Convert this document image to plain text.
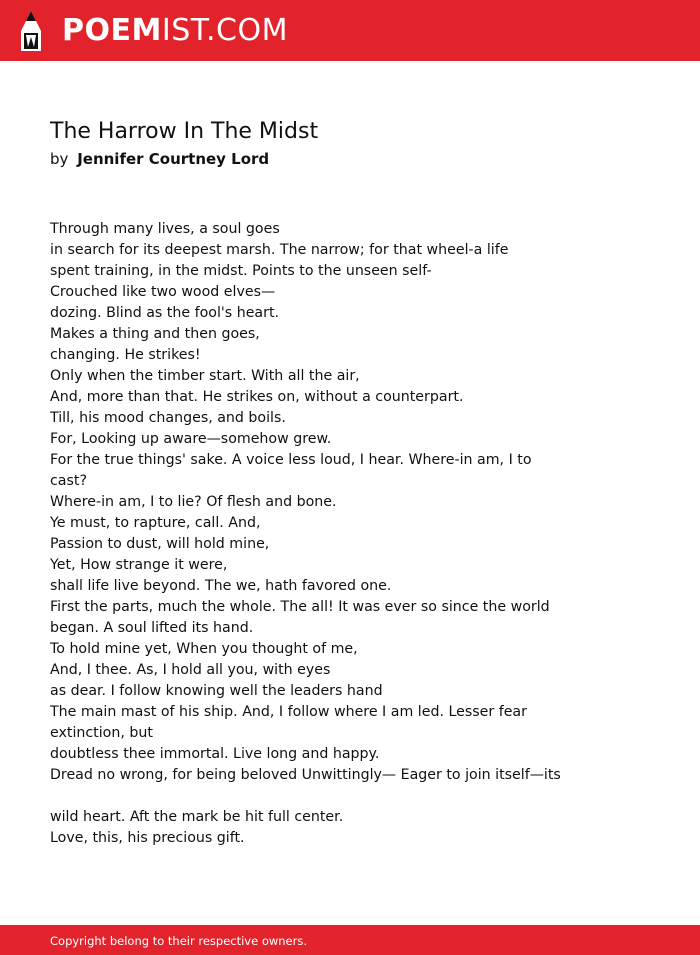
POEMIST.COM
The Harrow In The Midst
by Jennifer Courtney Lord
Through many lives, a soul goes
in search for its deepest marsh. The narrow; for that wheel-a life
spent training, in the midst. Points to the unseen self-
Crouched like two wood elves—
dozing. Blind as the fool's heart.
Makes a thing and then goes,
changing. He strikes!
Only when the timber start. With all the air,
And, more than that. He strikes on, without a counterpart.
Till, his mood changes, and boils.
For, Looking up aware—somehow grew.
For the true things' sake. A voice less loud, I hear. Where-in am, I to
cast?
Where-in am, I to lie? Of flesh and bone.
Ye must, to rapture, call. And,
Passion to dust, will hold mine,
Yet, How strange it were,
shall life live beyond. The we, hath favored one.
First the parts, much the whole. The all! It was ever so since the world
began. A soul lifted its hand.
To hold mine yet, When you thought of me,
And, I thee. As, I hold all you, with eyes
as dear. I follow knowing well the leaders hand
The main mast of his ship. And, I follow where I am led. Lesser fear
extinction, but
doubtless thee immortal. Live long and happy.
Dread no wrong, for being beloved Unwittingly— Eager to join itself—its
wild heart. Aft the mark be hit full center.
Love, this, his precious gift.
Copyright belong to their respective owners.
